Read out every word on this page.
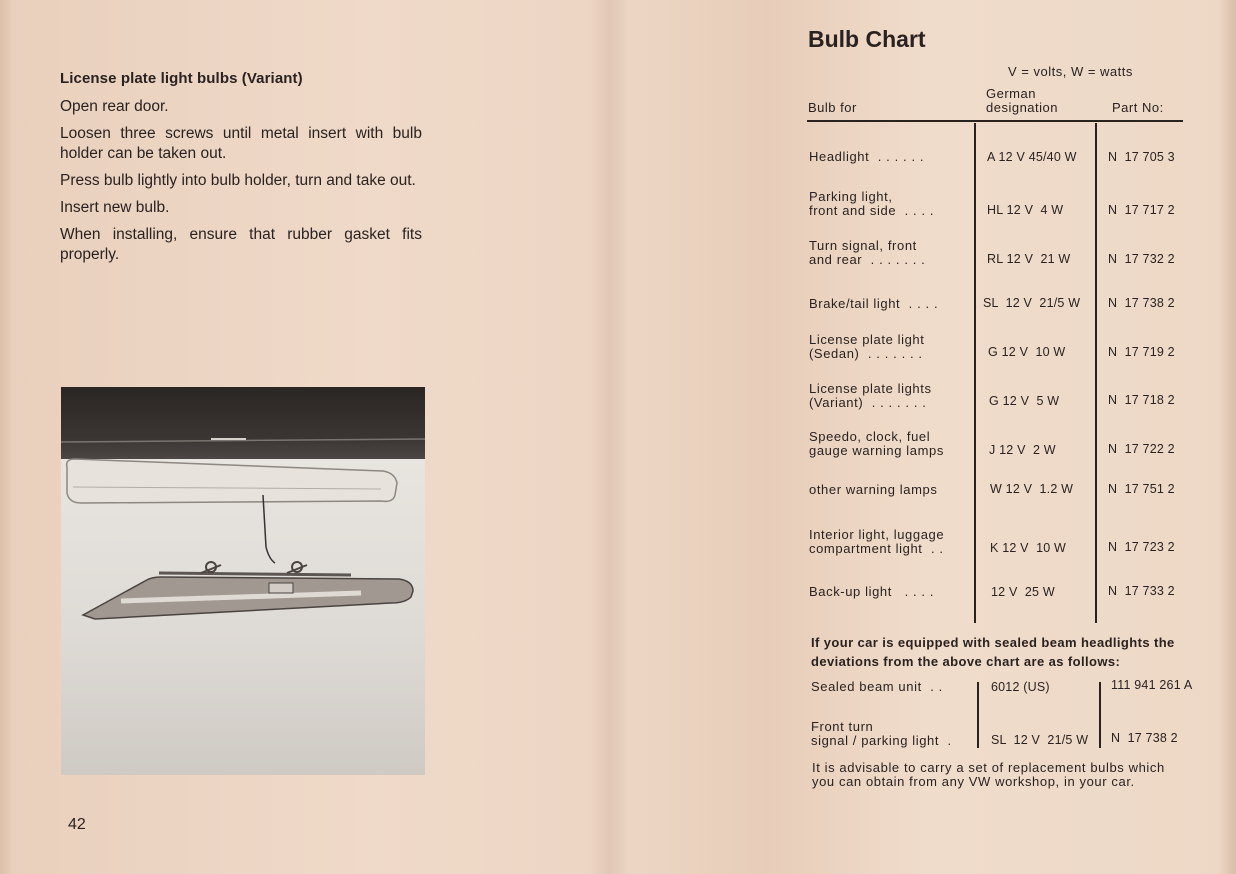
License plate light bulbs (Variant)

Open rear door.

Loosen three screws until metal insert with bulb holder can be taken out.

Press bulb lightly into bulb holder, turn and take out.

Insert new bulb.

When installing, ensure that rubber gasket fits properly.

42
Bulb Chart
V = volts, W = watts
Bulb for
German
designation	Part No:
Headlight  . . . . . .	A 12 V 45/40 W	N  17 705 3
Parking light,
front and side  . . . .	HL 12 V  4 W	N  17 717 2
Turn signal, front
and rear  . . . . . . .	RL 12 V  21 W	N  17 732 2
Brake/tail light  . . . .	SL  12 V  21/5 W N  17 738 2
License plate light
(Sedan)  . . . . . . .	G 12 V  10 W	N  17 719 2
License plate lights
(Variant)  . . . . . . .	G 12 V  5 W	N  17 718 2
Speedo, clock, fuel
gauge warning lamps	J 12 V  2 W	N  17 722 2
other warning lamps	W 12 V  1.2 W	N  17 751 2
Interior light, luggage
compartment light  . .	K 12 V  10 W	N  17 723 2
Back-up light   . . . .	12 V  25 W	N  17 733 2
If your car is equipped with sealed beam headlights the deviations from the above chart are as follows:
Sealed beam unit  . .	6012 (US)	111 941 261 A
Front turn
signal / parking light  .	SL  12 V  21/5 W N  17 738 2
It is advisable to carry a set of replacement bulbs which you can obtain from any VW workshop, in your car.
